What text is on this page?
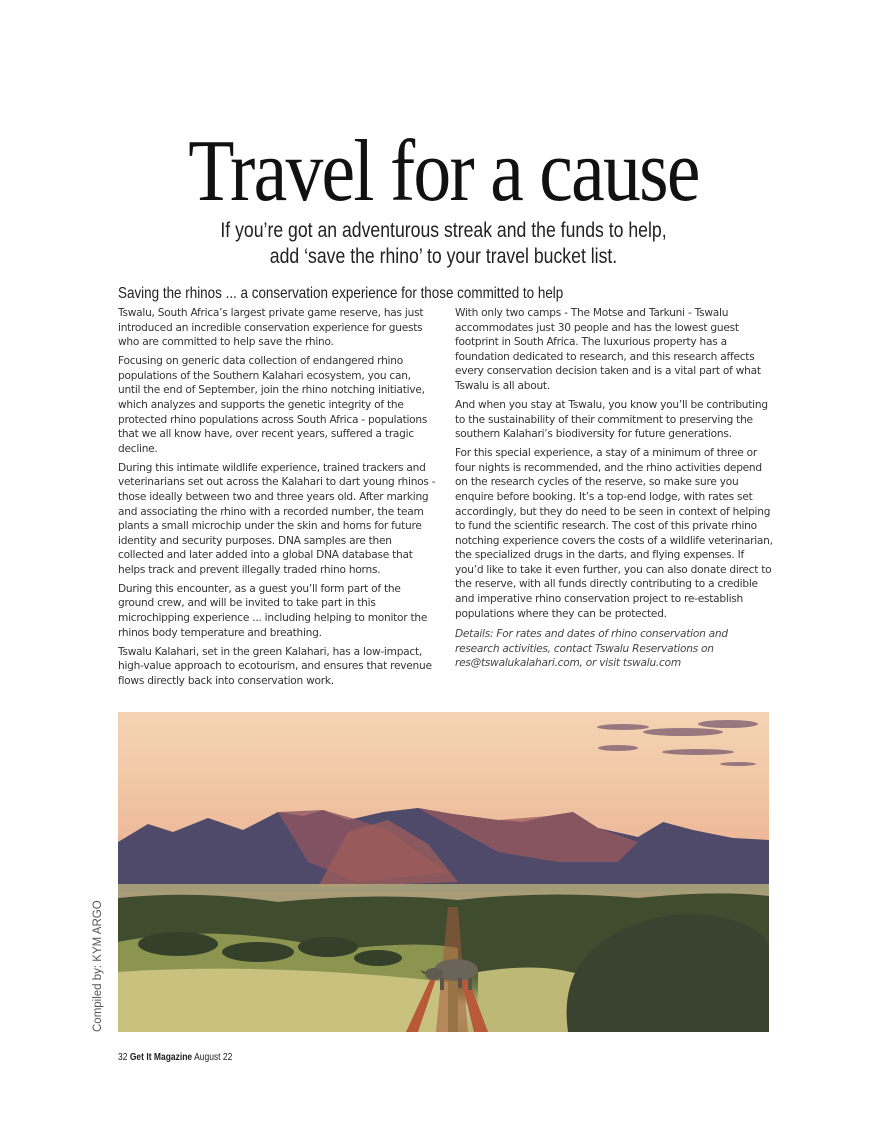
Travel for a cause
If you’re got an adventurous streak and the funds to help,
add ‘save the rhino’ to your travel bucket list.
Saving the rhinos ... a conservation experience for those committed to help

Tswalu, South Africa’s largest private game reserve, has just introduced an incredible conservation experience for guests who are committed to help save the rhino.

Focusing on generic data collection of endangered rhino populations of the Southern Kalahari ecosystem, you can, until the end of September, join the rhino notching initiative, which analyzes and supports the genetic integrity of the protected rhino populations across South Africa - populations that we all know have, over recent years, suffered a tragic decline.

During this intimate wildlife experience, trained trackers and veterinarians set out across the Kalahari to dart young rhinos - those ideally between two and three years old. After marking and associating the rhino with a recorded number, the team plants a small microchip under the skin and horns for future identity and security purposes. DNA samples are then collected and later added into a global DNA database that helps track and prevent illegally traded rhino horns.

During this encounter, as a guest you’ll form part of the ground crew, and will be invited to take part in this microchipping experience ... including helping to monitor the rhinos body temperature and breathing.

Tswalu Kalahari, set in the green Kalahari, has a low-impact, high-value approach to ecotourism, and ensures that revenue flows directly back into conservation work.

With only two camps - The Motse and Tarkuni - Tswalu accommodates just 30 people and has the lowest guest footprint in South Africa. The luxurious property has a foundation dedicated to research, and this research affects every conservation decision taken and is a vital part of what Tswalu is all about.

And when you stay at Tswalu, you know you’ll be contributing to the sustainability of their commitment to preserving the southern Kalahari’s biodiversity for future generations.

For this special experience, a stay of a minimum of three or four nights is recommended, and the rhino activities depend on the research cycles of the reserve, so make sure you enquire before booking. It’s a top-end lodge, with rates set accordingly, but they do need to be seen in context of helping to fund the scientific research. The cost of this private rhino notching experience covers the costs of a wildlife veterinarian, the specialized drugs in the darts, and flying expenses. If you’d like to take it even further, you can also donate direct to the reserve, with all funds directly contributing to a credible and imperative rhino conservation project to re-establish populations where they can be protected.

Details: For rates and dates of rhino conservation and research activities, contact Tswalu Reservations on res@tswalukalahari.com, or visit tswalu.com

Compiled by: KYM ARGO
32 Get It Magazine August 22
